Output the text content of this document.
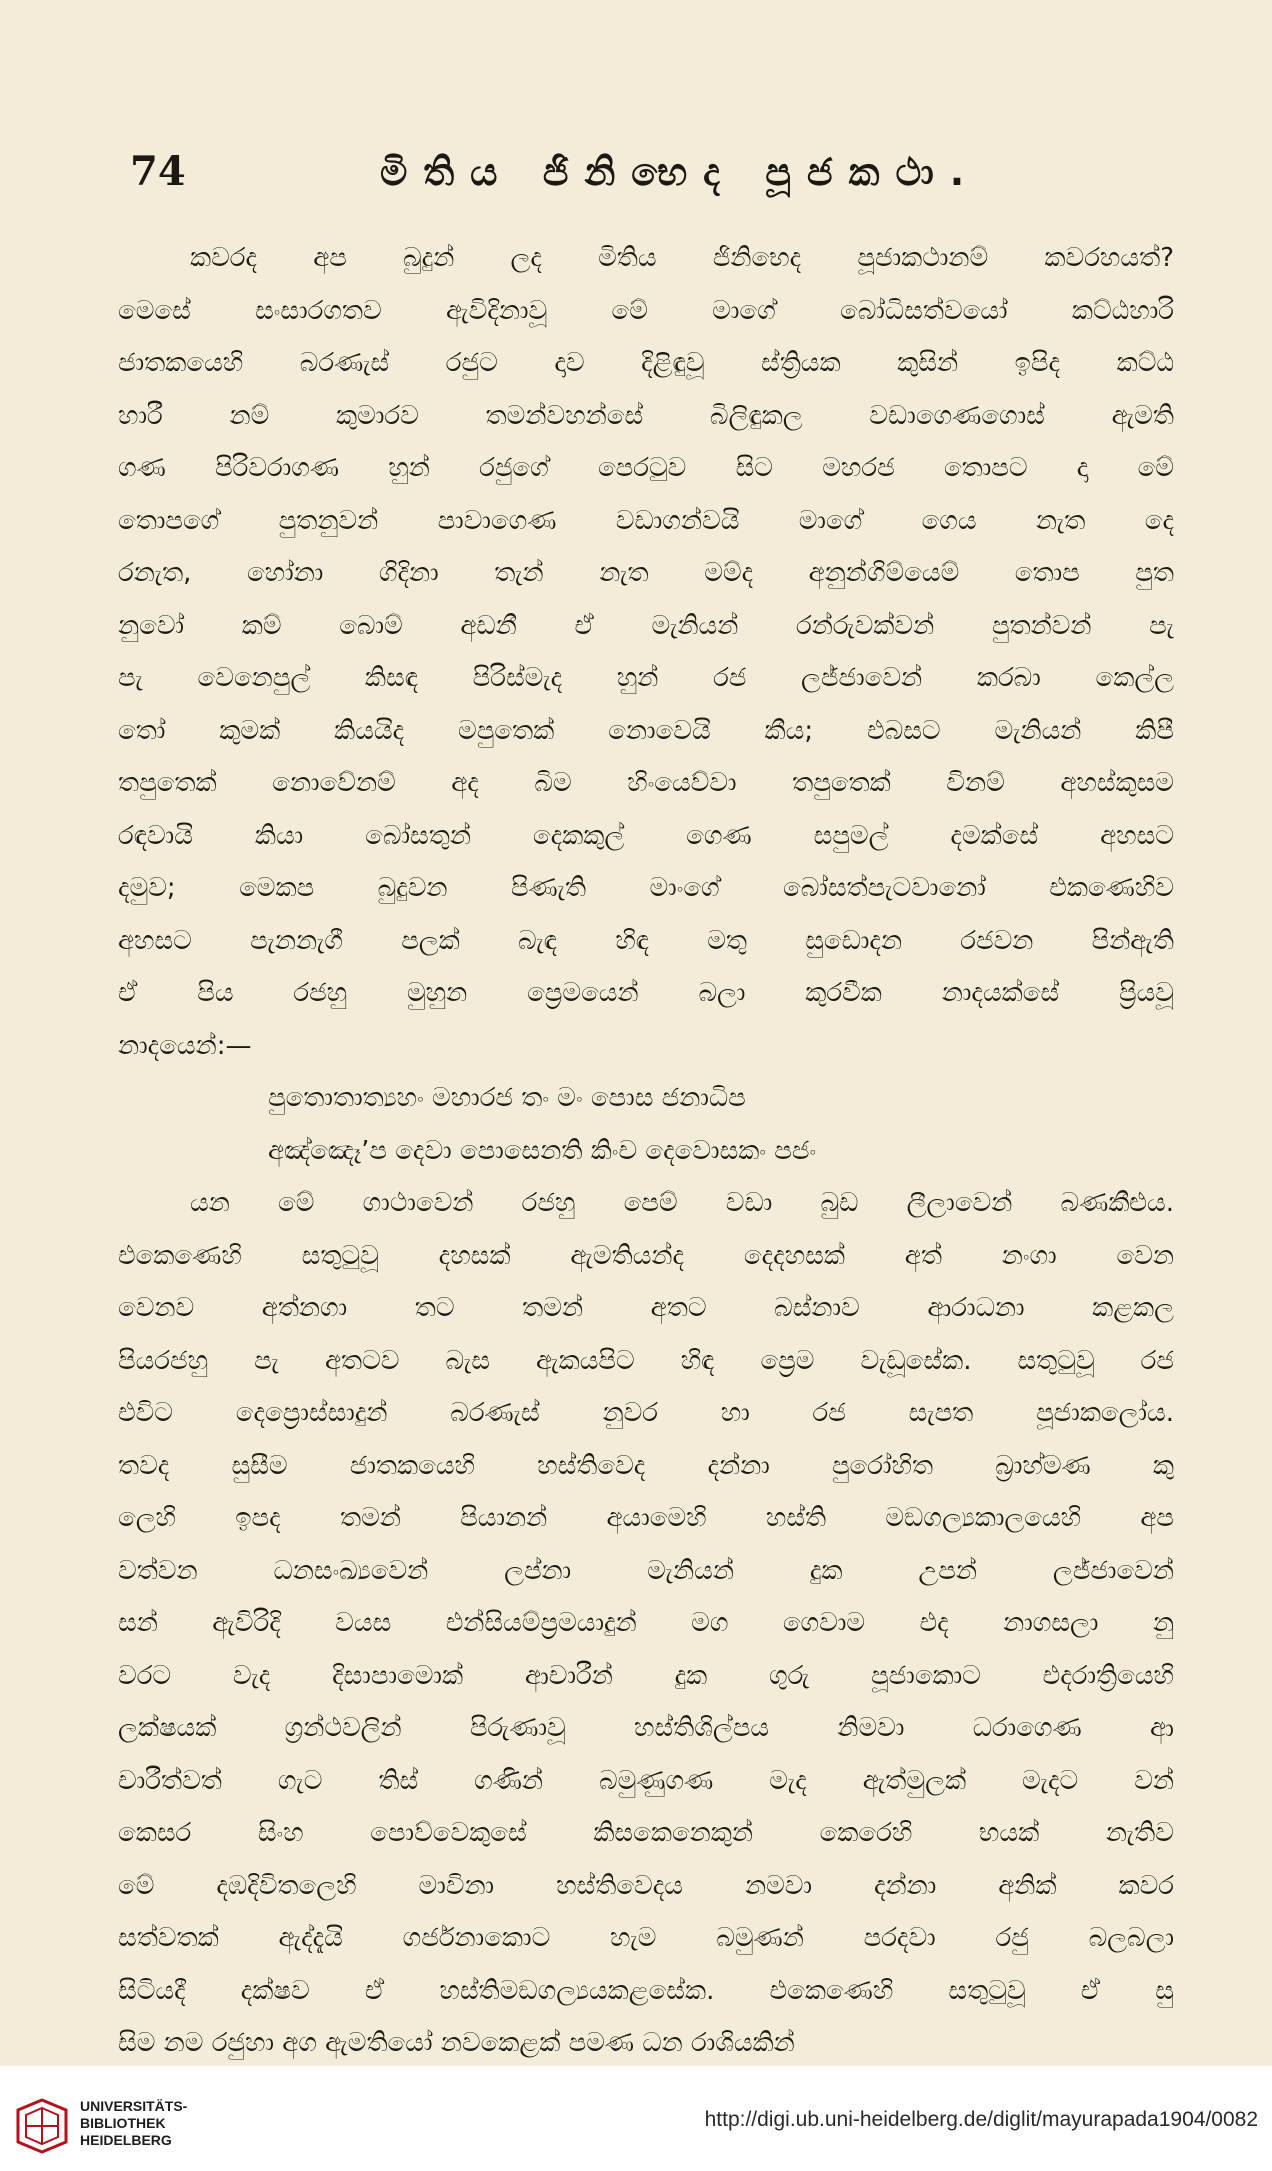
74	මිතිය ජිනිභෙද පූජකථා.
කවරද අප බුදුන් ලද මිතිය ජිනිභෙද පූජාකථානම් කවරහයත්?
මෙසේ සංසාරගතව ඇවිදිනාවූ මේ මාගේ බෝධිසත්වයෝ කට්ඨහාරි
ජාතකයෙහි බරණැස් රජුට දාව දිළිඳුවූ ස්ත්‍රියක කුසින් ඉපිද කට්ඨ
හාරී නම් කුමාරව තමන්වහන්සේ බිලිඳුකල වඩාගෙණගොස් ඇමති
ගණ පිරිවරාගණ හුන් රජුගේ පෙරටුව සිට මහරජ තොපට දා මේ
තොපගේ පුතනුවන් පාවාගෙණ වඩාගන්වයි මාගේ ගෙය නැත දෙ
රනැත, හෝනා ගිදිනා තැන් නැත මම්ද අනුන්ගිම්යෙම් තොප පුත
නුවෝ කම් බොම් අඩනී ඒ මැනියන් රන්රුවක්වන් පුතන්වන් පැ
පැ වෙනෙපුල් කිසඳ පිරිස්මැද හුන් රජ ලජ්ජාවෙන් කරබා කෙල්ල
තෝ කුමක් කියයිද මපුතෙක් නොවෙයි කීය; එබසට මැනියන් කිපී
තපුතෙක් නොවේනම් අද බිම හිංයෙව්වා තපුතෙක් විනම් අහස්කුසම
රඳවායි කියා බෝසතුන් දෙකකුල් ගෙණ සපුමල් දමක්සේ අහසට
දමුව; මෙකප බුදුවන පිණැති මාංගේ බෝසත්පැටවානෝ එකණෙහිව
අහසට පැනනැගී පලක් බැඳ හිඳ මතු සුඩොදන රජවන පින්ඇති
ඒ පිය රජහු මුහුන ප්‍රෙමයෙන් බලා කුරවීක නාදයක්සේ ප්‍රියවූ
නාදයෙන්:—
පුතොතාත්‍යහං මහාරජ තං මං පොස ජනාධිප
අඤ්ඤෙ‍ෑ’ප දෙවා පොසෙනති කිංච දෙවොසකං පජං
යන මේ ගාථාවෙන් රජහු පෙම් වඩා බුඩ ලීලාවෙන් බණකීළුය.
එකෙණෙහි සතුටුවූ දහසක් ඇමතියන්ද දෙදහසක් අත් නංගා වෙන
වෙනව අත්නගා තට තමන් අතට බස්නාව ආරාධනා කළකල
පියරජහු පැ අතටව බැස ඇකයපිට හිඳ ප්‍රෙම වැඩූසේක. සතුටුවූ රජ
එවිට දෙප්‍රොස්සාදුන් බරණැස් නුවර හා රජ සැපත පූජාකලෝය.
තවද සුසීම ජාතකයෙහි හස්තිවෙද දන්නා පුරෝහිත බ්‍රාහ්මණ කු
ලෙහි ඉපද තමන් පියානන් අයාමෙහි හස්ති මඞගල්‍යකාලයෙහි අප
වත්වන ධනසංඛ්‍යවෙන් ලප්නා මැනියන් දුක උපන් ලජ්ජාවෙන්
සන් ඇවිරිදි වයස එන්සියම්ප්‍රමයාදුන් මග ගෙවාම එද නාගසලා නු
වරට වැද දිසාපාමොක් ආචාරීන් දුක ගුරු පූජාකොට එදරාත්‍රියෙහි
ලක්ෂයක් ග්‍රන්ථවලින් පිරුණාවූ හස්තිශිල්පය නිමවා ධරාගෙණ ආ
චාරීත්වත් ගැට තිස් ගණින් බමුණුගණ මැද ඇත්මුලක් මැදට වන්
කෙසර සිංහ පොව්වෙකුසේ කිසකෙනෙකුන් කෙරෙහි භයක් නැතිව
මේ දඹදිවිතලෙහි මාවිනා හස්තිවෙදය නමවා දන්නා අනික් කවර
සත්වතක් ඇද්දැයි ගර්ජනාකොට හැම බමුණන් පරදවා රජු බලබලා
සිටියදී දක්ෂව ඒ හස්තිමඞගල්‍යයකළසේක. එකෙණෙහි සතුටුවූ ඒ සු
සිම නම රජුහා අග ඇමතියෝ නවකෙළක් පමණ ධන රාශියකින්
UNIVERSITÄTS-
BIBLIOTHEK
HEIDELBERG
http://digi.ub.uni-heidelberg.de/diglit/mayurapada1904/0082
